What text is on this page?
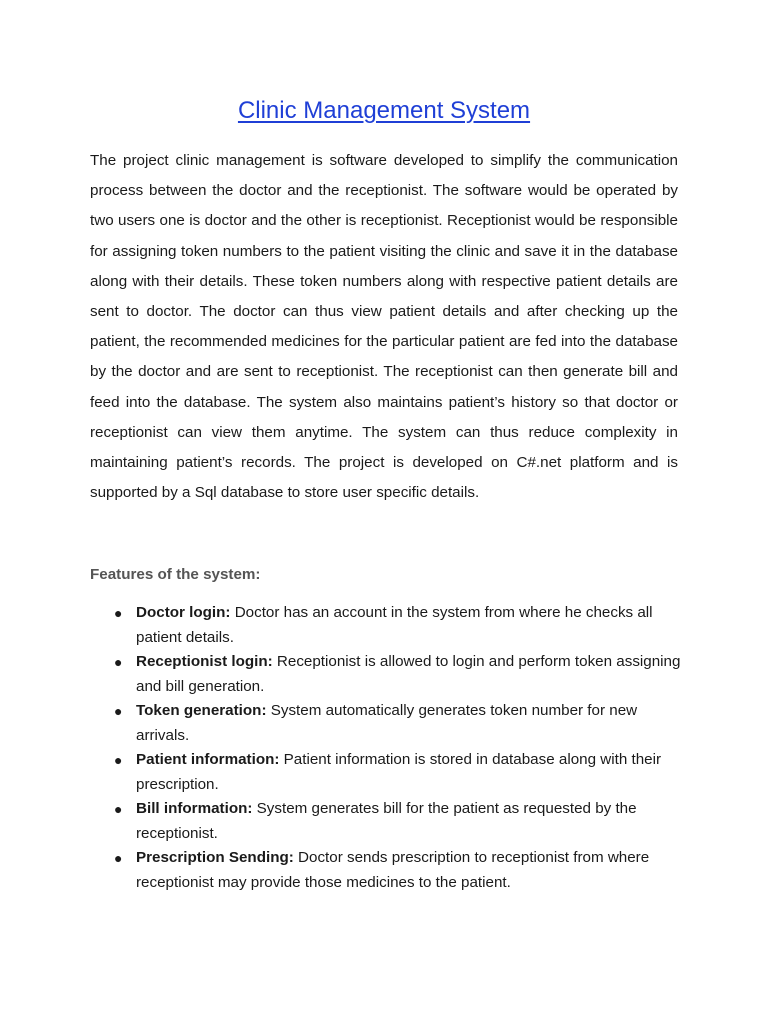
Clinic Management System

The project clinic management is software developed to simplify the communication process between the doctor and the receptionist. The software would be operated by two users one is doctor and the other is receptionist. Receptionist would be responsible for assigning token numbers to the patient visiting the clinic and save it in the database along with their details. These token numbers along with respective patient details are sent to doctor. The doctor can thus view patient details and after checking up the patient, the recommended medicines for the particular patient are fed into the database by the doctor and are sent to receptionist. The receptionist can then generate bill and feed into the database. The system also maintains patient’s history so that doctor or receptionist can view them anytime. The system can thus reduce complexity in maintaining patient’s records. The project is developed on C#.net platform and is supported by a Sql database to store user specific details.

Features of the system:

● Doctor login: Doctor has an account in the system from where he checks all patient details.
● Receptionist login: Receptionist is allowed to login and perform token assigning and bill generation.
● Token generation: System automatically generates token number for new arrivals.
● Patient information: Patient information is stored in database along with their prescription.
● Bill information: System generates bill for the patient as requested by the receptionist.
● Prescription Sending: Doctor sends prescription to receptionist from where receptionist may provide those medicines to the patient.
